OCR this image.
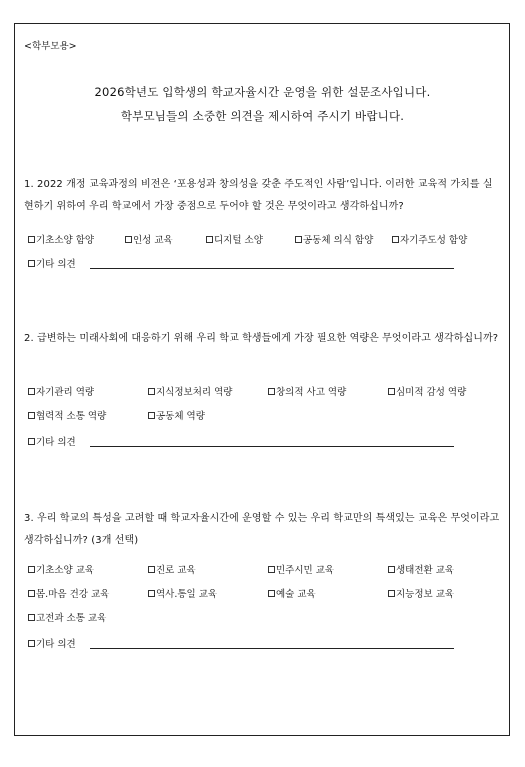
<학부모용>
2026학년도 입학생의 학교자율시간 운영을 위한 설문조사입니다.
학부모님들의 소중한 의견을 제시하여 주시기 바랍니다.
1. 2022 개정 교육과정의 비전은 ‘포용성과 창의성을 갖춘 주도적인 사람’입니다. 이러한 교육적 가치를 실현하기 위하여 우리 학교에서 가장 중점으로 두어야 할 것은 무엇이라고 생각하십니까?
기초소양 함양	인성 교육	디지털 소양	공동체 의식 함양	자기주도성 함양
기타 의견
2. 급변하는 미래사회에 대응하기 위해 우리 학교 학생들에게 가장 필요한 역량은 무엇이라고 생각하십니까?
자기관리 역량	지식정보처리 역량	창의적 사고 역량	심미적 감성 역량
협력적 소통 역량	공동체 역량
기타 의견
3. 우리 학교의 특성을 고려할 때 학교자율시간에 운영할 수 있는 우리 학교만의 특색있는 교육은 무엇이라고 생각하십니까? (3개 선택)
기초소양 교육	진로 교육	민주시민 교육	생태전환 교육
몸.마음 건강 교육	역사.통일 교육	예술 교육	지능정보 교육
고전과 소통 교육
기타 의견
